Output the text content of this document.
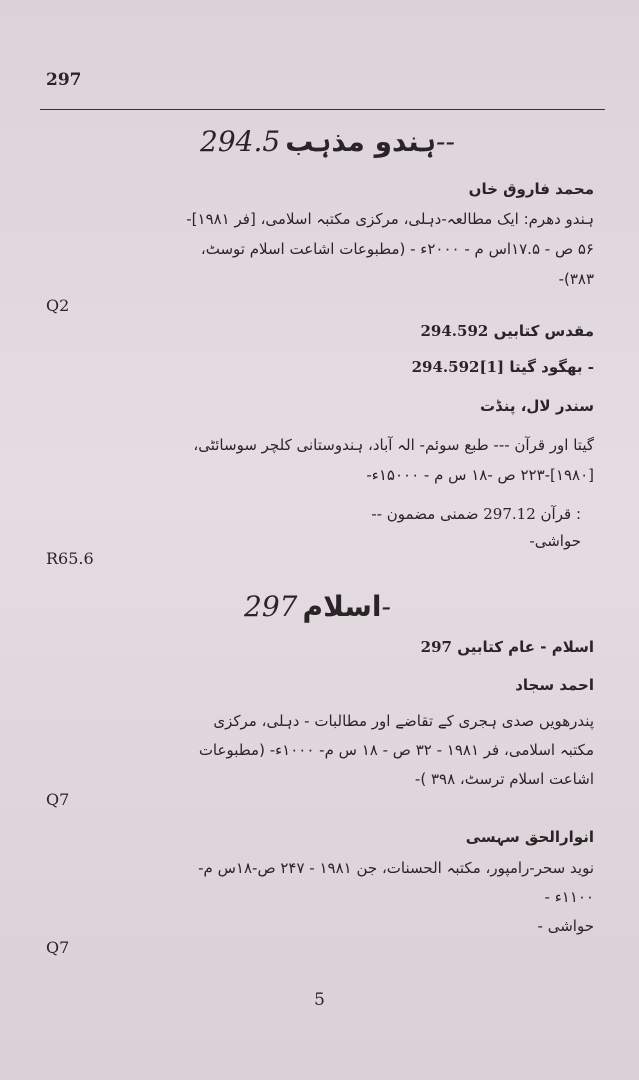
297
ہندو مذہب 294.5--
محمد فاروق خاں
ہندو دھرم: ایک مطالعہ-دہلی، مرکزی مکتبہ اسلامی، [فر ۱۹۸۱]-
۵۶ ص - ۱۷.۵اس م - ۲۰۰۰ء - (مطبوعات اشاعت اسلام توسٹ،
۳۸۳)-
Q2
مقدس کتابیں 294.592
بھگود گیتا [1]294.592 -
سندر لال، پنڈت
گیتا اور قرآن --- طبع سوئم- الہ آباد، ہندوستانی کلچر سوسائٹی،
[۱۹۸۰]-۲۲۳ ص -۱۸ س م - ۱۵۰۰۰ء-
-- قرآن 297.12 ضمنی مضمون :
حواشی-
R65.6
اسلام 297-
اسلام - عام کتابیں 297
احمد سجاد
پندرھویں صدی ہجری کے تقاضے اور مطالبات - دہلی، مرکزی
مکتبہ اسلامی، فر ۱۹۸۱ - ۳۲ ص - ۱۸ س م- ۱۰۰۰ء- (مطبوعات
اشاعت اسلام ترسٹ، ۳۹۸ )-
Q7
انوارالحق سہسی
نوید سحر-رامپور، مکتبہ الحسنات، جن ۱۹۸۱ - ۲۴۷ ص-۱۸س م-
۱۱۰۰ء -
حواشی -
Q7
5
